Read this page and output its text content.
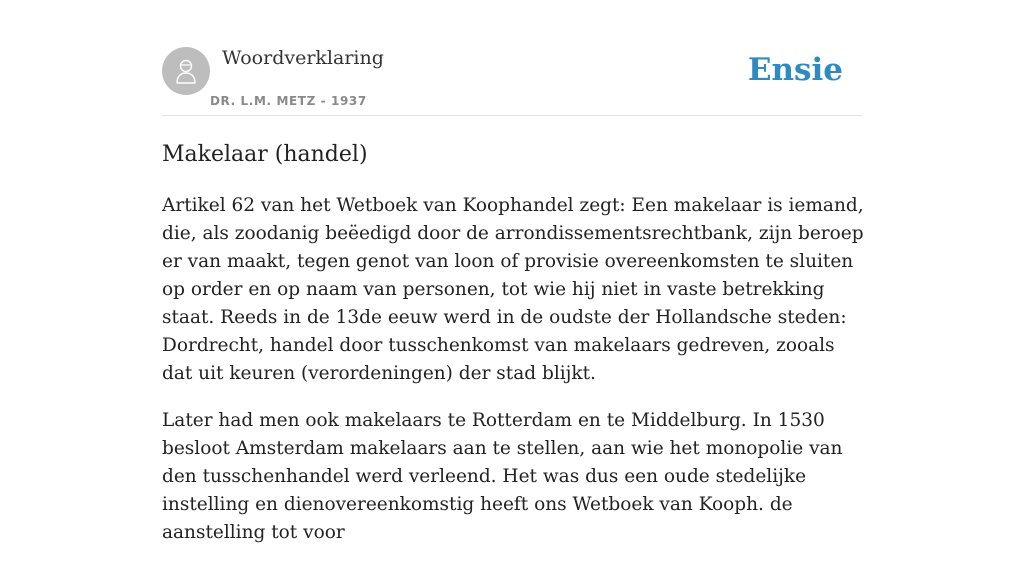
Woordverklaring
DR. L.M. METZ - 1937
Ensie
Makelaar (handel)

Artikel 62 van het Wetboek van Koophandel zegt: Een makelaar is iemand, die, als zoodanig beëedigd door de arrondissementsrechtbank, zijn beroep er van maakt, tegen genot van loon of provisie overeenkomsten te sluiten op order en op naam van personen, tot wie hij niet in vaste betrekking staat. Reeds in de 13de eeuw werd in de oudste der Hollandsche steden: Dordrecht, handel door tusschenkomst van makelaars gedreven, zooals dat uit keuren (verordeningen) der stad blijkt.

Later had men ook makelaars te Rotterdam en te Middelburg. In 1530 besloot Amsterdam makelaars aan te stellen, aan wie het monopolie van den tusschenhandel werd verleend. Het was dus een oude stedelijke instelling en dienovereenkomstig heeft ons Wetboek van Kooph. de aanstelling tot voor
